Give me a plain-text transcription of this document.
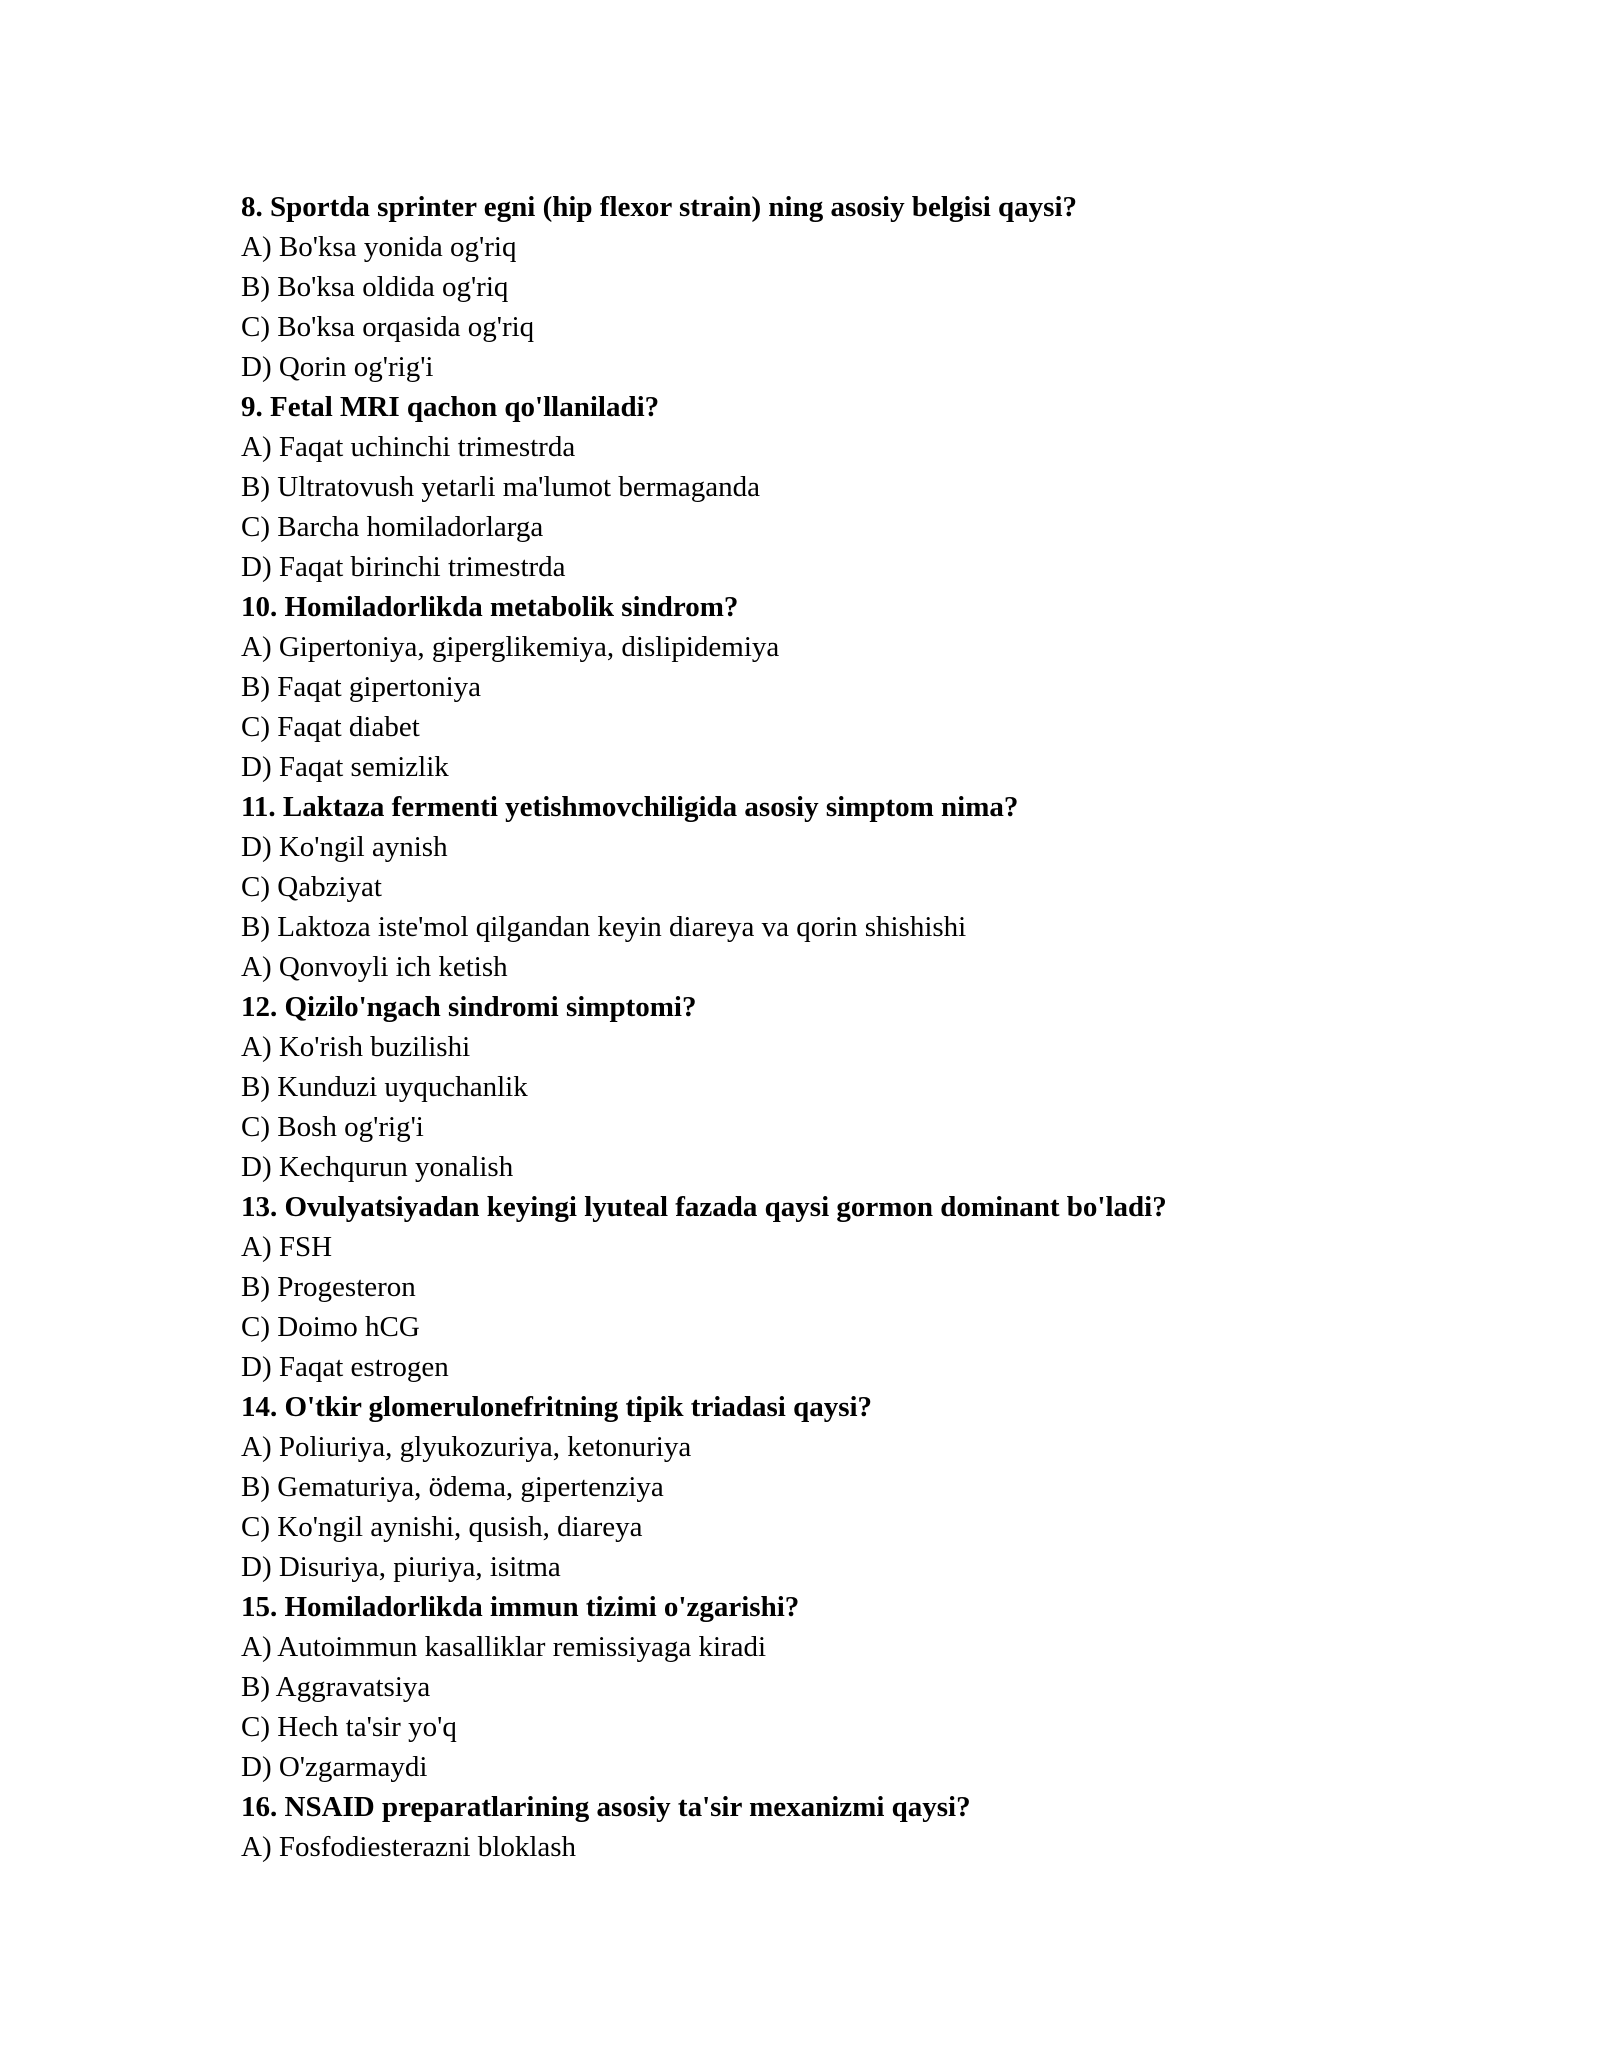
8. Sportda sprinter egni (hip flexor strain) ning asosiy belgisi qaysi?
A) Bo'ksa yonida og'riq
B) Bo'ksa oldida og'riq
C) Bo'ksa orqasida og'riq
D) Qorin og'rig'i
9. Fetal MRI qachon qo'llaniladi?
A) Faqat uchinchi trimestrda
B) Ultratovush yetarli ma'lumot bermaganda
C) Barcha homiladorlarga
D) Faqat birinchi trimestrda
10. Homiladorlikda metabolik sindrom?
A) Gipertoniya, giperglikemiya, dislipidemiya
B) Faqat gipertoniya
C) Faqat diabet
D) Faqat semizlik
11. Laktaza fermenti yetishmovchiligida asosiy simptom nima?
D) Ko'ngil aynish
C) Qabziyat
B) Laktoza iste'mol qilgandan keyin diareya va qorin shishishi
A) Qonvoyli ich ketish
12. Qizilo'ngach sindromi simptomi?
A) Ko'rish buzilishi
B) Kunduzi uyquchanlik
C) Bosh og'rig'i
D) Kechqurun yonalish
13. Ovulyatsiyadan keyingi lyuteal fazada qaysi gormon dominant bo'ladi?
A) FSH
B) Progesteron
C) Doimo hCG
D) Faqat estrogen
14. O'tkir glomerulonefritning tipik triadasi qaysi?
A) Poliuriya, glyukozuriya, ketonuriya
B) Gematuriya, ödema, gipertenziya
C) Ko'ngil aynishi, qusish, diareya
D) Disuriya, piuriya, isitma
15. Homiladorlikda immun tizimi o'zgarishi?
A) Autoimmun kasalliklar remissiyaga kiradi
B) Aggravatsiya
C) Hech ta'sir yo'q
D) O'zgarmaydi
16. NSAID preparatlarining asosiy ta'sir mexanizmi qaysi?
A) Fosfodiesterazni bloklash
